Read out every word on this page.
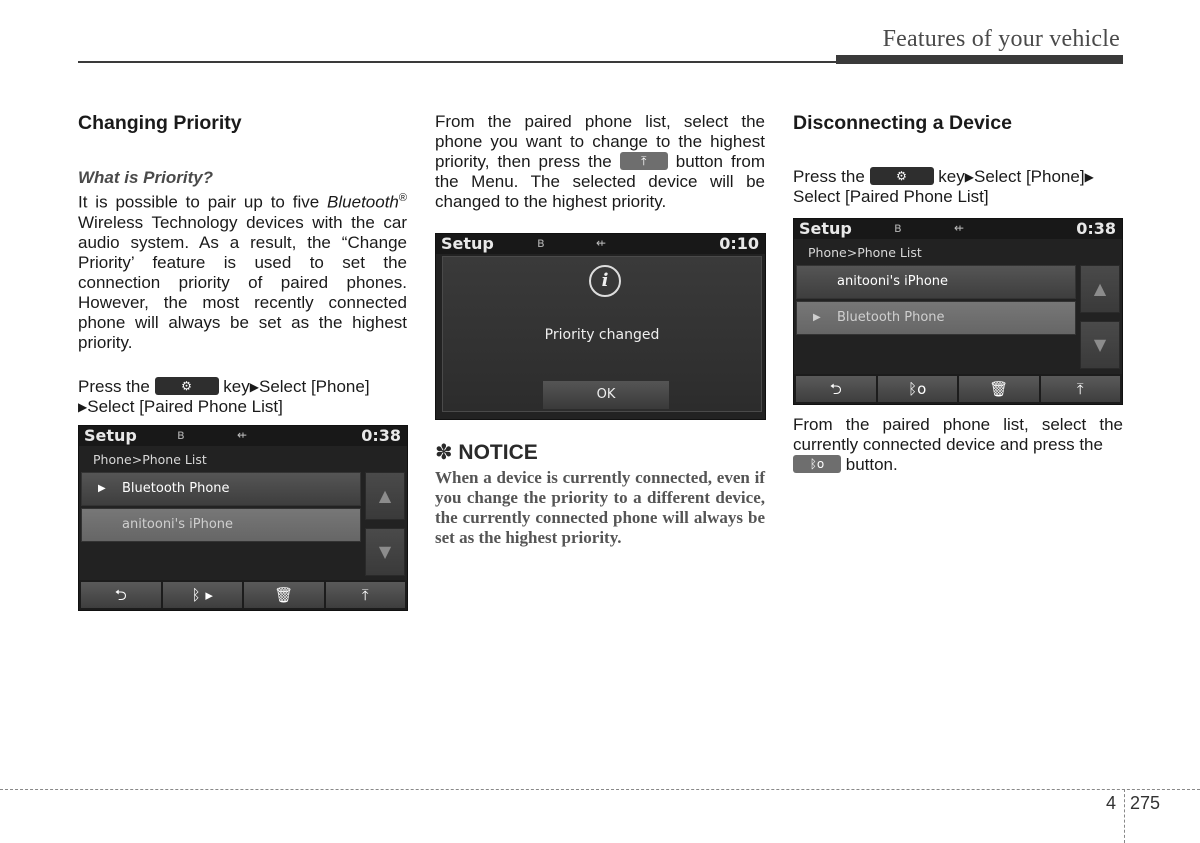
Features of your vehicle
Changing Priority
What is Priority?

It is possible to pair up to five Bluetooth® Wireless Technology devices with the car audio system. As a result, the “Change Priority’ feature is used to set the connection priority of paired phones. However, the most recently connected phone will always be set as the highest priority.

Press the	⚙	key▶Select [Phone]
▶Select [Paired Phone List]

Setup	ʙ	⇷	0:38
Phone>Phone List
▶ Bluetooth Phone
anitooni's iPhone
▲
▼
⮌	ᛒ ▸	🗑	⤒

From the paired phone list, select the phone you want to change to the highest priority, then press the	⤒	button from the Menu. The selected device will be changed to the highest priority.

Setup	ʙ	⇷	0:10
i
Priority changed
OK
✽ NOTICE

When a device is currently connected, even if you change the priority to a different device, the currently connected phone will always be set as the highest priority.

Disconnecting a Device

Press the	⚙	key▶Select [Phone]▶
Select [Paired Phone List]

Setup	ʙ	⇷	0:38
Phone>Phone List
anitooni's iPhone
▶ Bluetooth Phone
▲
▼
⮌	ᛒo	🗑	⤒

From the paired phone list, select the currently connected device and press the

ᛒo	button.

4 275
